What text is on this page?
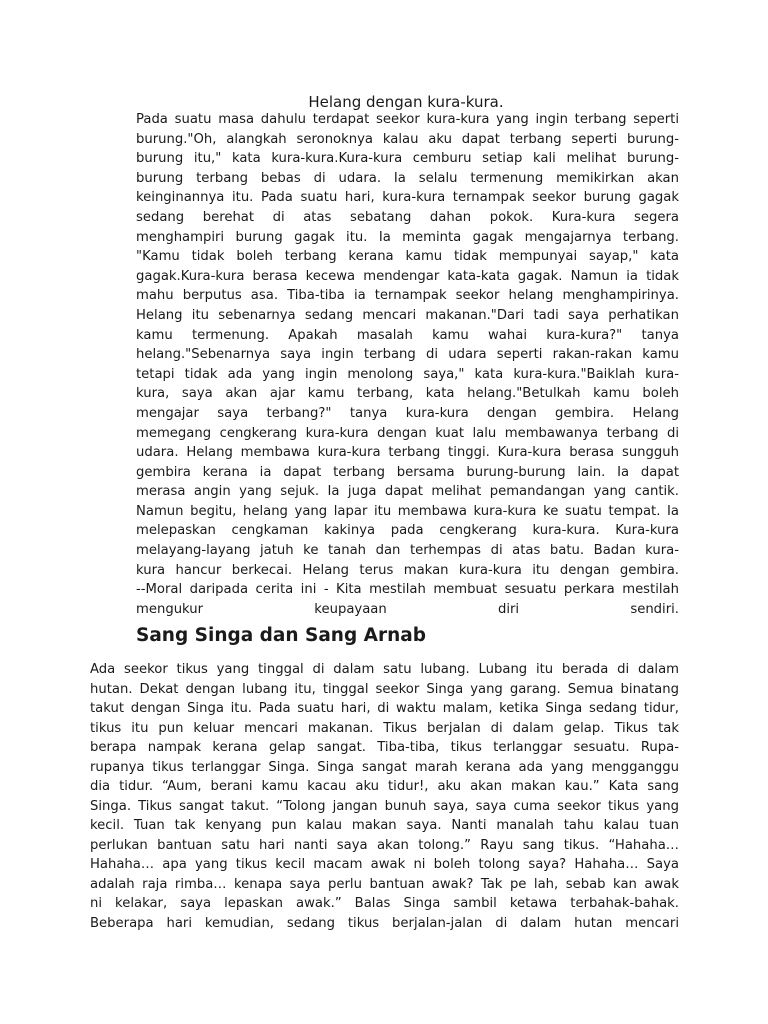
Helang dengan kura-kura.
Pada suatu masa dahulu terdapat seekor kura-kura yang ingin terbang seperti
burung."Oh, alangkah seronoknya kalau aku dapat terbang seperti burung-
burung itu," kata kura-kura.Kura-kura cemburu setiap kali melihat burung-
burung terbang bebas di udara. Ia selalu termenung memikirkan akan
keinginannya itu. Pada suatu hari, kura-kura ternampak seekor burung gagak
sedang berehat di atas sebatang dahan pokok. Kura-kura segera
menghampiri burung gagak itu. Ia meminta gagak mengajarnya terbang.
"Kamu tidak boleh terbang kerana kamu tidak mempunyai sayap," kata
gagak.Kura-kura berasa kecewa mendengar kata-kata gagak. Namun ia tidak
mahu berputus asa. Tiba-tiba ia ternampak seekor helang menghampirinya.
Helang itu sebenarnya sedang mencari makanan."Dari tadi saya perhatikan
kamu termenung. Apakah masalah kamu wahai kura-kura?" tanya
helang."Sebenarnya saya ingin terbang di udara seperti rakan-rakan kamu
tetapi tidak ada yang ingin menolong saya," kata kura-kura."Baiklah kura-
kura, saya akan ajar kamu terbang, kata helang."Betulkah kamu boleh
mengajar saya terbang?" tanya kura-kura dengan gembira. Helang
memegang cengkerang kura-kura dengan kuat lalu membawanya terbang di
udara. Helang membawa kura-kura terbang tinggi. Kura-kura berasa sungguh
gembira kerana ia dapat terbang bersama burung-burung lain. Ia dapat
merasa angin yang sejuk. Ia juga dapat melihat pemandangan yang cantik.
Namun begitu, helang yang lapar itu membawa kura-kura ke suatu tempat. Ia
melepaskan cengkaman kakinya pada cengkerang kura-kura. Kura-kura
melayang-layang jatuh ke tanah dan terhempas di atas batu. Badan kura-
kura hancur berkecai. Helang terus makan kura-kura itu dengan gembira.
--Moral daripada cerita ini - Kita mestilah membuat sesuatu perkara mestilah
mengukur keupayaan diri sendiri.
Sang Singa dan Sang Arnab
Ada seekor tikus yang tinggal di dalam satu lubang. Lubang itu berada di dalam
hutan. Dekat dengan lubang itu, tinggal seekor Singa yang garang. Semua binatang
takut dengan Singa itu. Pada suatu hari, di waktu malam, ketika Singa sedang tidur,
tikus itu pun keluar mencari makanan. Tikus berjalan di dalam gelap. Tikus tak
berapa nampak kerana gelap sangat. Tiba-tiba, tikus terlanggar sesuatu. Rupa-
rupanya tikus terlanggar Singa. Singa sangat marah kerana ada yang mengganggu
dia tidur. “Aum, berani kamu kacau aku tidur!, aku akan makan kau.” Kata sang
Singa. Tikus sangat takut. “Tolong jangan bunuh saya, saya cuma seekor tikus yang
kecil. Tuan tak kenyang pun kalau makan saya. Nanti manalah tahu kalau tuan
perlukan bantuan satu hari nanti saya akan tolong.” Rayu sang tikus. “Hahaha…
Hahaha… apa yang tikus kecil macam awak ni boleh tolong saya? Hahaha… Saya
adalah raja rimba… kenapa saya perlu bantuan awak? Tak pe lah, sebab kan awak
ni kelakar, saya lepaskan awak.” Balas Singa sambil ketawa terbahak-bahak.
Beberapa hari kemudian, sedang tikus berjalan-jalan di dalam hutan mencari
